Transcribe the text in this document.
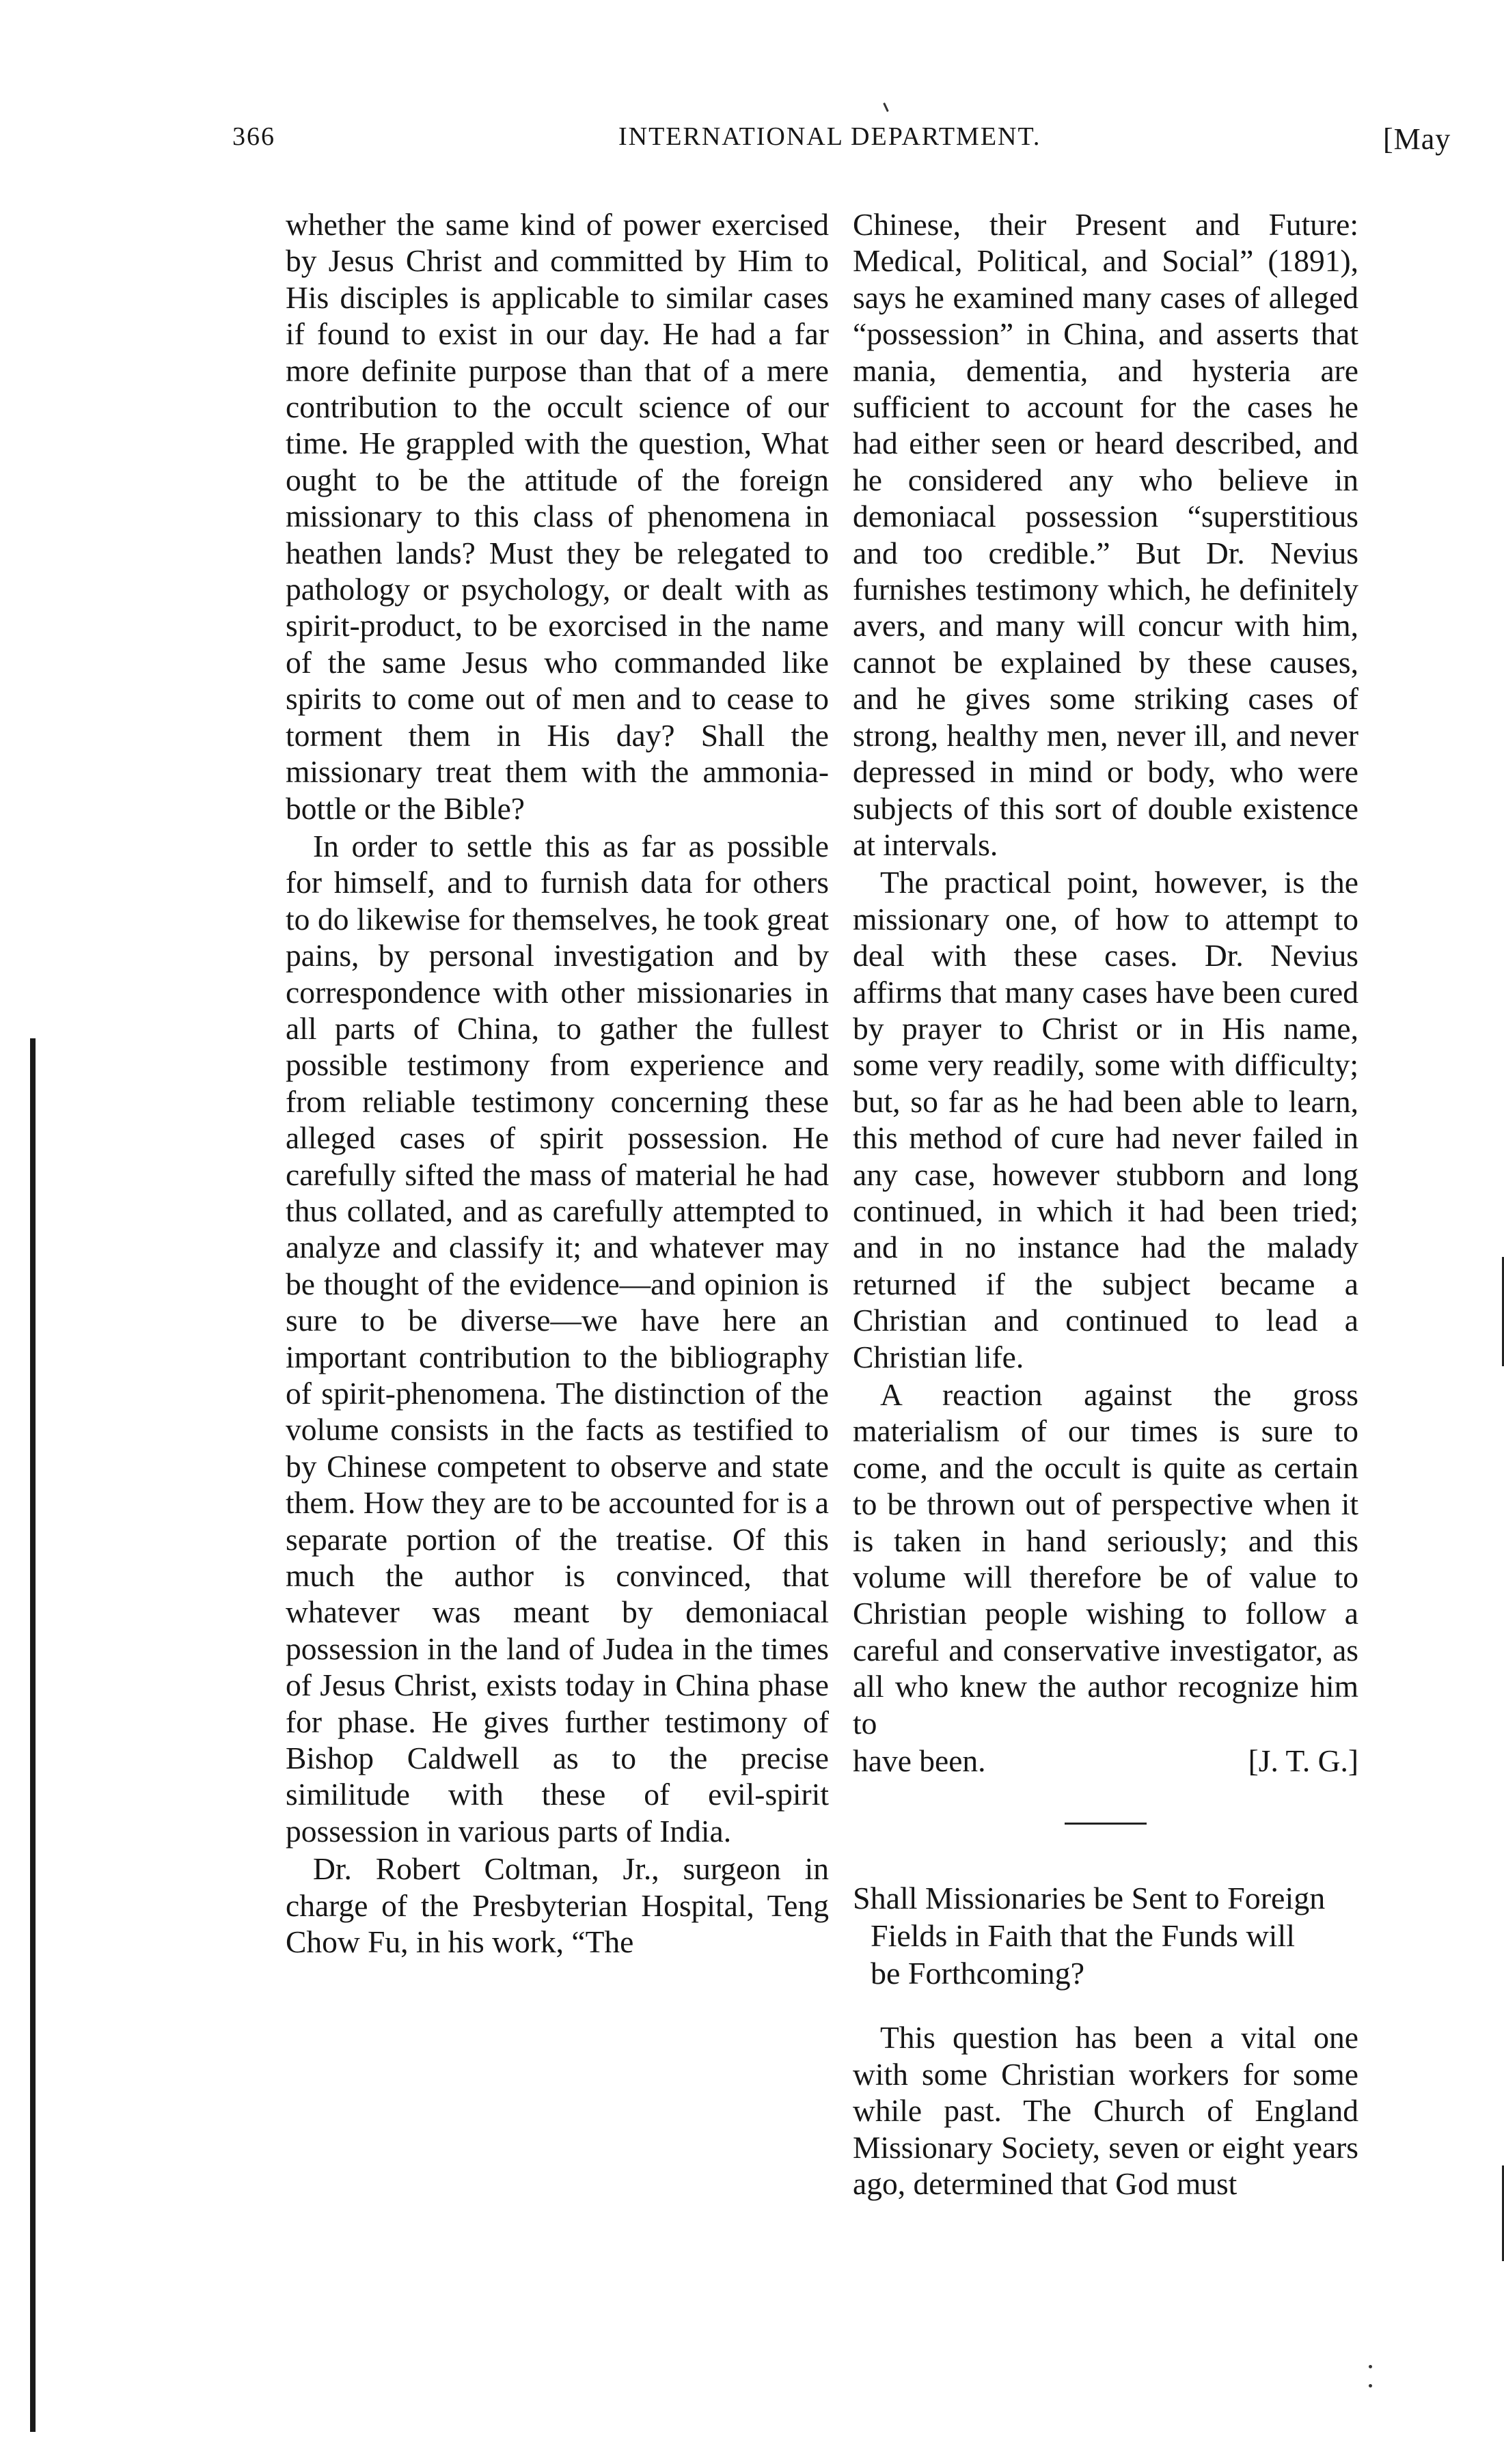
366	INTERNATIONAL DEPARTMENT.	[May

whether the same kind of power exercised by Jesus Christ and committed by Him to His disciples is applicable to similar cases if found to exist in our day. He had a far more definite purpose than that of a mere contribution to the occult science of our time. He grappled with the question, What ought to be the attitude of the foreign missionary to this class of phenomena in heathen lands? Must they be relegated to pathology or psychology, or dealt with as spirit-product, to be exorcised in the name of the same Jesus who commanded like spirits to come out of men and to cease to torment them in His day? Shall the missionary treat them with the ammonia-bottle or the Bible?

In order to settle this as far as possible for himself, and to furnish data for others to do likewise for themselves, he took great pains, by personal investigation and by correspondence with other missionaries in all parts of China, to gather the fullest possible testimony from experience and from reliable testimony concerning these alleged cases of spirit possession. He carefully sifted the mass of material he had thus collated, and as carefully attempted to analyze and classify it; and whatever may be thought of the evidence—and opinion is sure to be diverse—we have here an important contribution to the bibliography of spirit-phenomena. The distinction of the volume consists in the facts as testified to by Chinese competent to observe and state them. How they are to be accounted for is a separate portion of the treatise. Of this much the author is convinced, that whatever was meant by demoniacal possession in the land of Judea in the times of Jesus Christ, exists today in China phase for phase. He gives further testimony of Bishop Caldwell as to the precise similitude with these of evil-spirit possession in various parts of India.

Dr. Robert Coltman, Jr., surgeon in charge of the Presbyterian Hospital, Teng Chow Fu, in his work, “The

Chinese, their Present and Future: Medical, Political, and Social” (1891), says he examined many cases of alleged “possession” in China, and asserts that mania, dementia, and hysteria are sufficient to account for the cases he had either seen or heard described, and he considered any who believe in demoniacal possession “superstitious and too credible.” But Dr. Nevius furnishes testimony which, he definitely avers, and many will concur with him, cannot be explained by these causes, and he gives some striking cases of strong, healthy men, never ill, and never depressed in mind or body, who were subjects of this sort of double existence at intervals.

The practical point, however, is the missionary one, of how to attempt to deal with these cases. Dr. Nevius affirms that many cases have been cured by prayer to Christ or in His name, some very readily, some with difficulty; but, so far as he had been able to learn, this method of cure had never failed in any case, however stubborn and long continued, in which it had been tried; and in no instance had the malady returned if the subject became a Christian and continued to lead a Christian life.

A reaction against the gross materialism of our times is sure to come, and the occult is quite as certain to be thrown out of perspective when it is taken in hand seriously; and this volume will therefore be of value to Christian people wishing to follow a careful and conservative investigator, as all who knew the author recognize him to

have been.	[J. T. G.]

Shall Missionaries be Sent to Foreign
Fields in Faith that the Funds will
be Forthcoming?

This question has been a vital one with some Christian workers for some while past. The Church of England Missionary Society, seven or eight years ago, determined that God must
